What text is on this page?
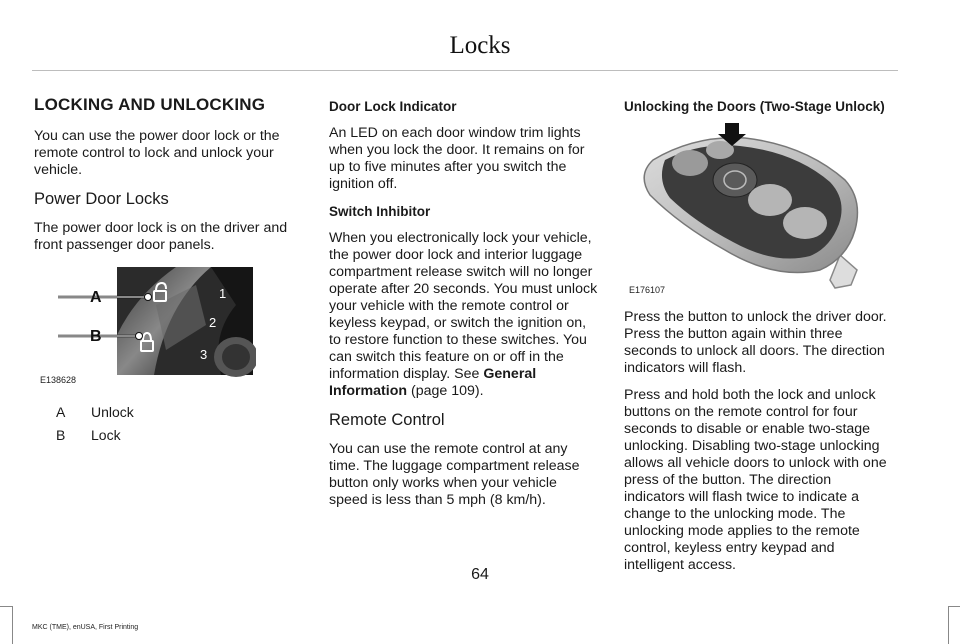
Locks

LOCKING AND UNLOCKING

You can use the power door lock or the remote control to lock and unlock your vehicle.

Power Door Locks

The power door lock is on the driver and front passenger door panels.

A
B
1
2
3
E138628
A Unlock
B Lock

Door Lock Indicator

An LED on each door window trim lights when you lock the door. It remains on for up to five minutes after you switch the ignition off.

Switch Inhibitor

When you electronically lock your vehicle, the power door lock and interior luggage compartment release switch will no longer operate after 20 seconds. You must unlock your vehicle with the remote control or keyless keypad, or switch the ignition on, to restore function to these switches. You can switch this feature on or off in the information display. See General Information (page 109).

Remote Control

You can use the remote control at any time. The luggage compartment release button only works when your vehicle speed is less than 5 mph (8 km/h).

Unlocking the Doors (Two-Stage Unlock)

E176107

Press the button to unlock the driver door. Press the button again within three seconds to unlock all doors. The direction indicators will flash.

Press and hold both the lock and unlock buttons on the remote control for four seconds to disable or enable two-stage unlocking. Disabling two-stage unlocking allows all vehicle doors to unlock with one press of the button. The direction indicators will flash twice to indicate a change to the unlocking mode. The unlocking mode applies to the remote control, keyless entry keypad and intelligent access.

64
MKC (TME), enUSA, First Printing
